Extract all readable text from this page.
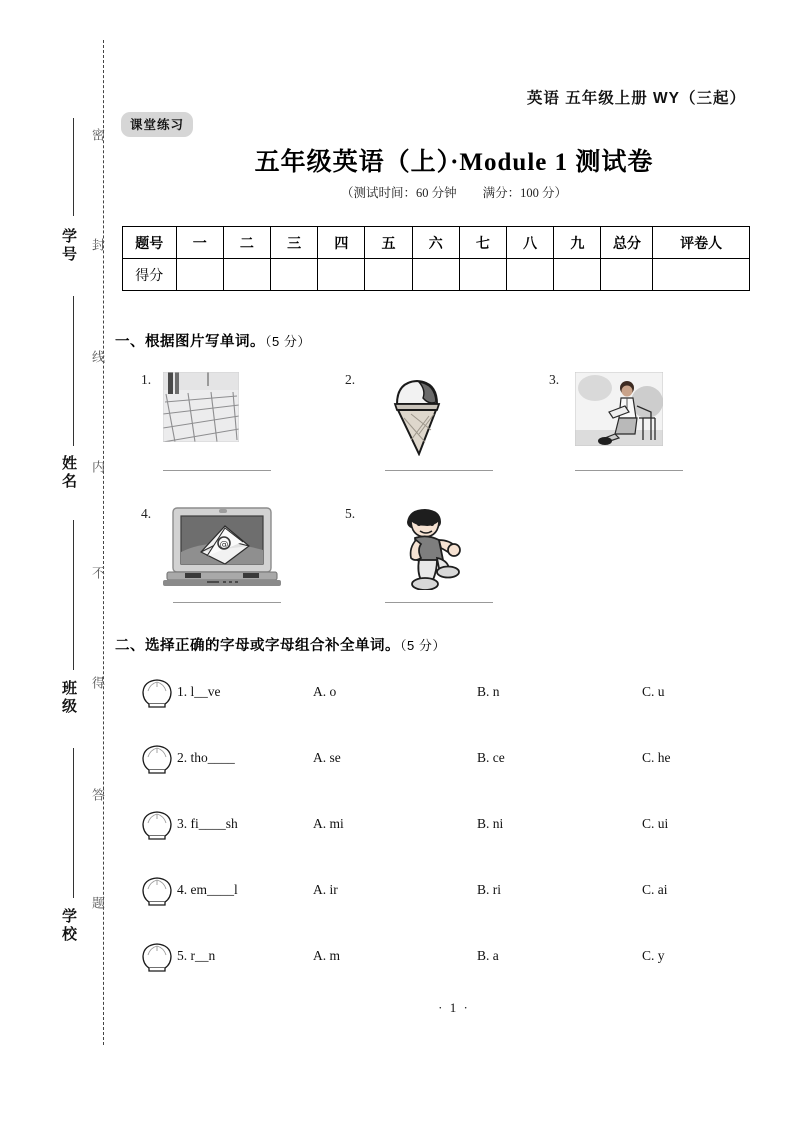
密
封
线
内
不
得
答
题
学号
姓名
班级
学校
英语 五年级上册 WY（三起）
课堂练习
五年级英语（上）·Module 1 测试卷
（测试时间：60 分钟 满分：100 分）
题号	一	二	三	四	五	六	七	八	九	总分	评卷人
得分											
一、根据图片写单词。（5 分）
1.	2.	3.
4.
@
5.
二、选择正确的字母或字母组合补全单词。（5 分）
1. l__ve	A. o	B. n	C. u
2. tho____	A. se	B. ce	C. he
3. fi____sh	A. mi	B. ni	C. ui
4. em____l	A. ir	B. ri	C. ai
5. r__n	A. m	B. a	C. y
· 1 ·
